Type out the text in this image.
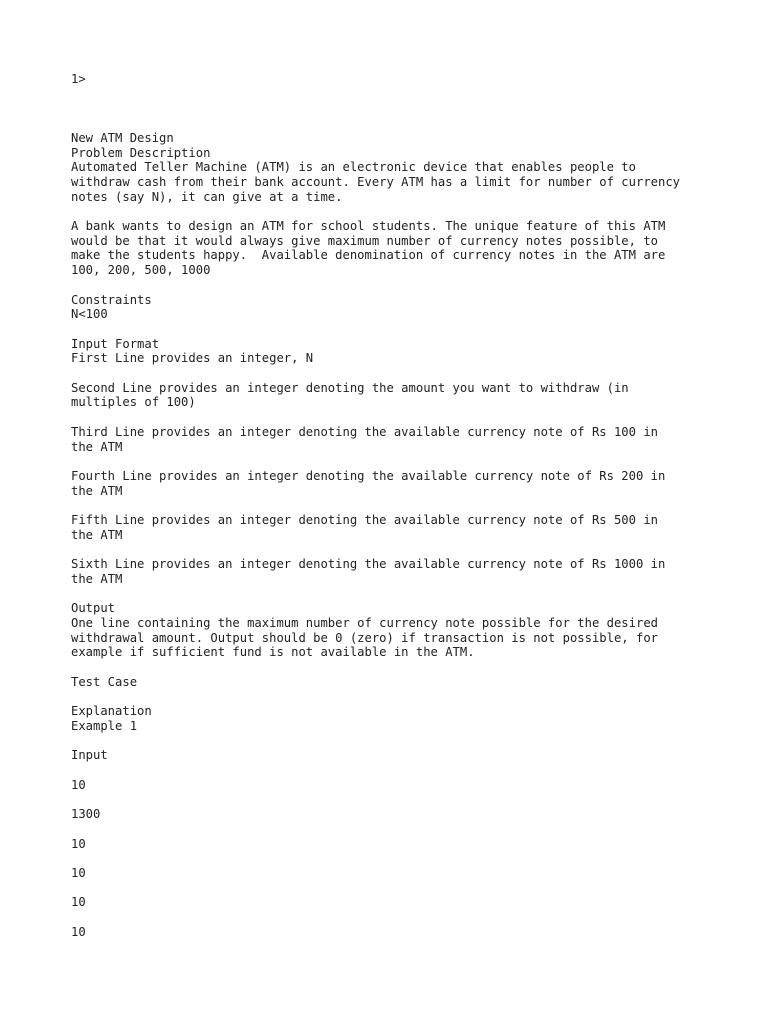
1>

New ATM Design
Problem Description
Automated Teller Machine (ATM) is an electronic device that enables people to
withdraw cash from their bank account. Every ATM has a limit for number of currency
notes (say N), it can give at a time.

A bank wants to design an ATM for school students. The unique feature of this ATM
would be that it would always give maximum number of currency notes possible, to
make the students happy.  Available denomination of currency notes in the ATM are
100, 200, 500, 1000

Constraints
N<100

Input Format
First Line provides an integer, N

Second Line provides an integer denoting the amount you want to withdraw (in
multiples of 100)

Third Line provides an integer denoting the available currency note of Rs 100 in
the ATM

Fourth Line provides an integer denoting the available currency note of Rs 200 in
the ATM

Fifth Line provides an integer denoting the available currency note of Rs 500 in
the ATM

Sixth Line provides an integer denoting the available currency note of Rs 1000 in
the ATM

Output
One line containing the maximum number of currency note possible for the desired
withdrawal amount. Output should be 0 (zero) if transaction is not possible, for
example if sufficient fund is not available in the ATM.

Test Case

Explanation
Example 1

Input

10

1300

10

10

10

10
